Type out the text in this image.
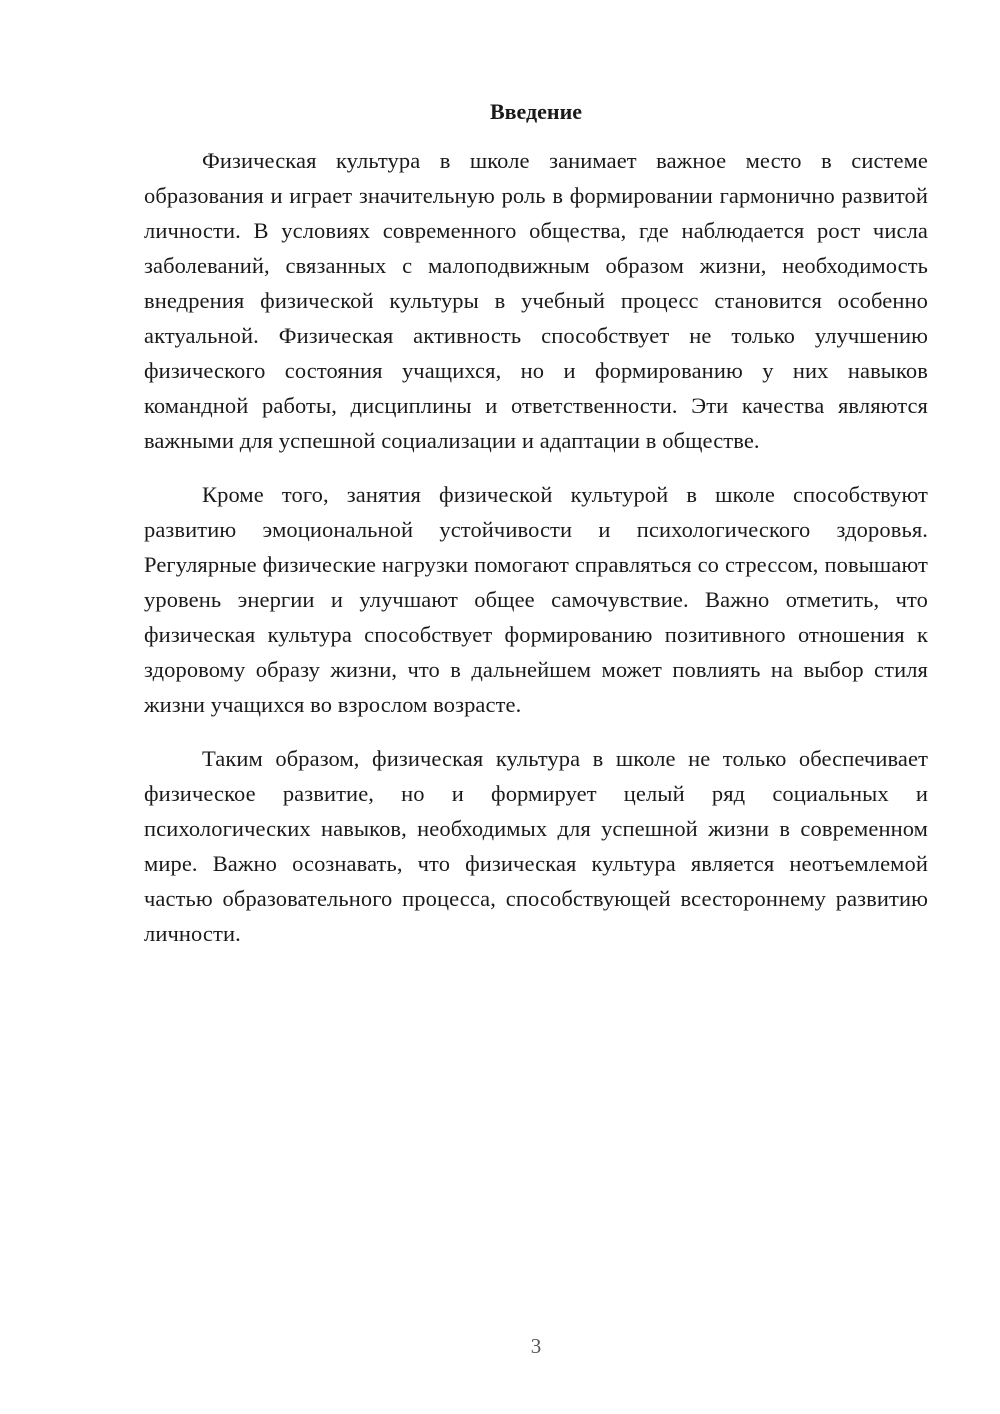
Введение

Физическая культура в школе занимает важное место в системе образования и играет значительную роль в формировании гармонично развитой личности. В условиях современного общества, где наблюдается рост числа заболеваний, связанных с малоподвижным образом жизни, необходимость внедрения физической культуры в учебный процесс становится особенно актуальной. Физическая активность способствует не только улучшению физического состояния учащихся, но и формированию у них навыков командной работы, дисциплины и ответственности. Эти качества являются важными для успешной социализации и адаптации в обществе.

Кроме того, занятия физической культурой в школе способствуют развитию эмоциональной устойчивости и психологического здоровья. Регулярные физические нагрузки помогают справляться со стрессом, повышают уровень энергии и улучшают общее самочувствие. Важно отметить, что физическая культура способствует формированию позитивного отношения к здоровому образу жизни, что в дальнейшем может повлиять на выбор стиля жизни учащихся во взрослом возрасте.

Таким образом, физическая культура в школе не только обеспечивает физическое развитие, но и формирует целый ряд социальных и психологических навыков, необходимых для успешной жизни в современном мире. Важно осознавать, что физическая культура является неотъемлемой частью образовательного процесса, способствующей всестороннему развитию личности.

3
